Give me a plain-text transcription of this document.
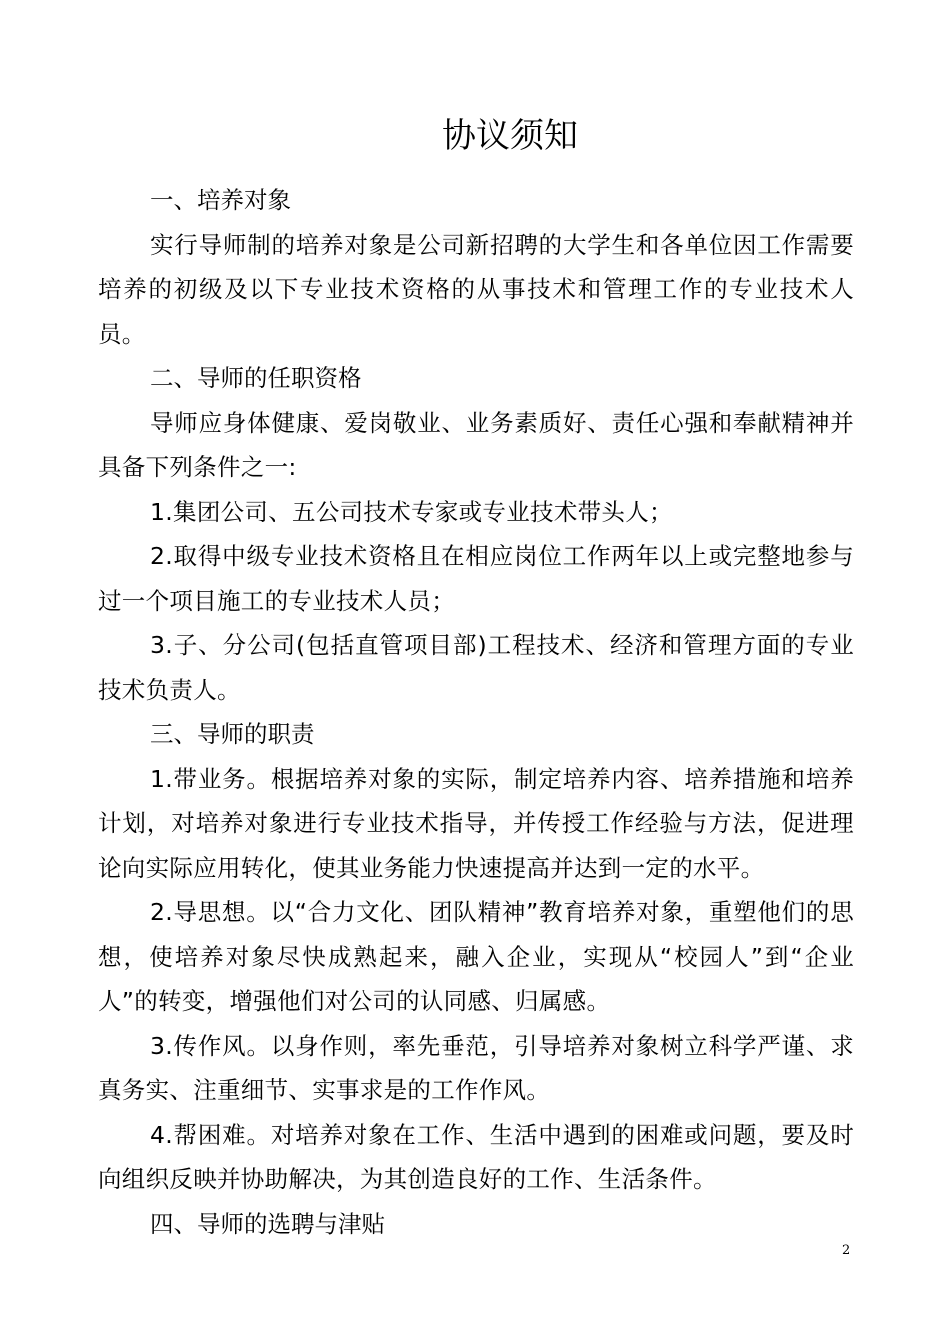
协议须知

一、培养对象

实行导师制的培养对象是公司新招聘的大学生和各单位因工作需要培养的初级及以下专业技术资格的从事技术和管理工作的专业技术人员。

二、导师的任职资格

导师应身体健康、爱岗敬业、业务素质好、责任心强和奉献精神并具备下列条件之一:

1.集团公司、五公司技术专家或专业技术带头人；

2.取得中级专业技术资格且在相应岗位工作两年以上或完整地参与过一个项目施工的专业技术人员；

3.子、分公司(包括直管项目部)工程技术、经济和管理方面的专业技术负责人。

三、导师的职责

1.带业务。根据培养对象的实际，制定培养内容、培养措施和培养计划，对培养对象进行专业技术指导，并传授工作经验与方法，促进理论向实际应用转化，使其业务能力快速提高并达到一定的水平。

2.导思想。以“合力文化、团队精神”教育培养对象，重塑他们的思想，使培养对象尽快成熟起来，融入企业，实现从“校园人”到“企业人”的转变，增强他们对公司的认同感、归属感。

3.传作风。以身作则，率先垂范，引导培养对象树立科学严谨、求真务实、注重细节、实事求是的工作作风。

4.帮困难。对培养对象在工作、生活中遇到的困难或问题，要及时向组织反映并协助解决，为其创造良好的工作、生活条件。

四、导师的选聘与津贴

2
